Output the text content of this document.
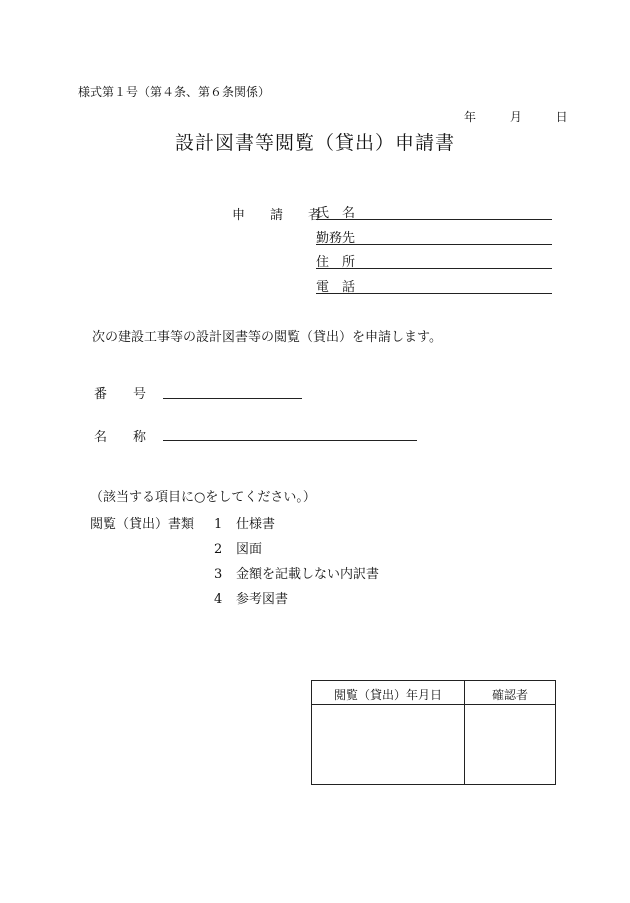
様式第１号（第４条、第６条関係）
年	月	日
設計図書等閲覧（貸出）申請書
申　請　者
氏　名
勤務先
住　所
電　話
次の建設工事等の設計図書等の閲覧（貸出）を申請します。
番　　号
名　　称
（該当する項目に○をしてください。）
閲覧（貸出）書類 1 仕様書
2 図面
3 金額を記載しない内訳書
4 参考図書
閲覧（貸出）年月日	確認者
